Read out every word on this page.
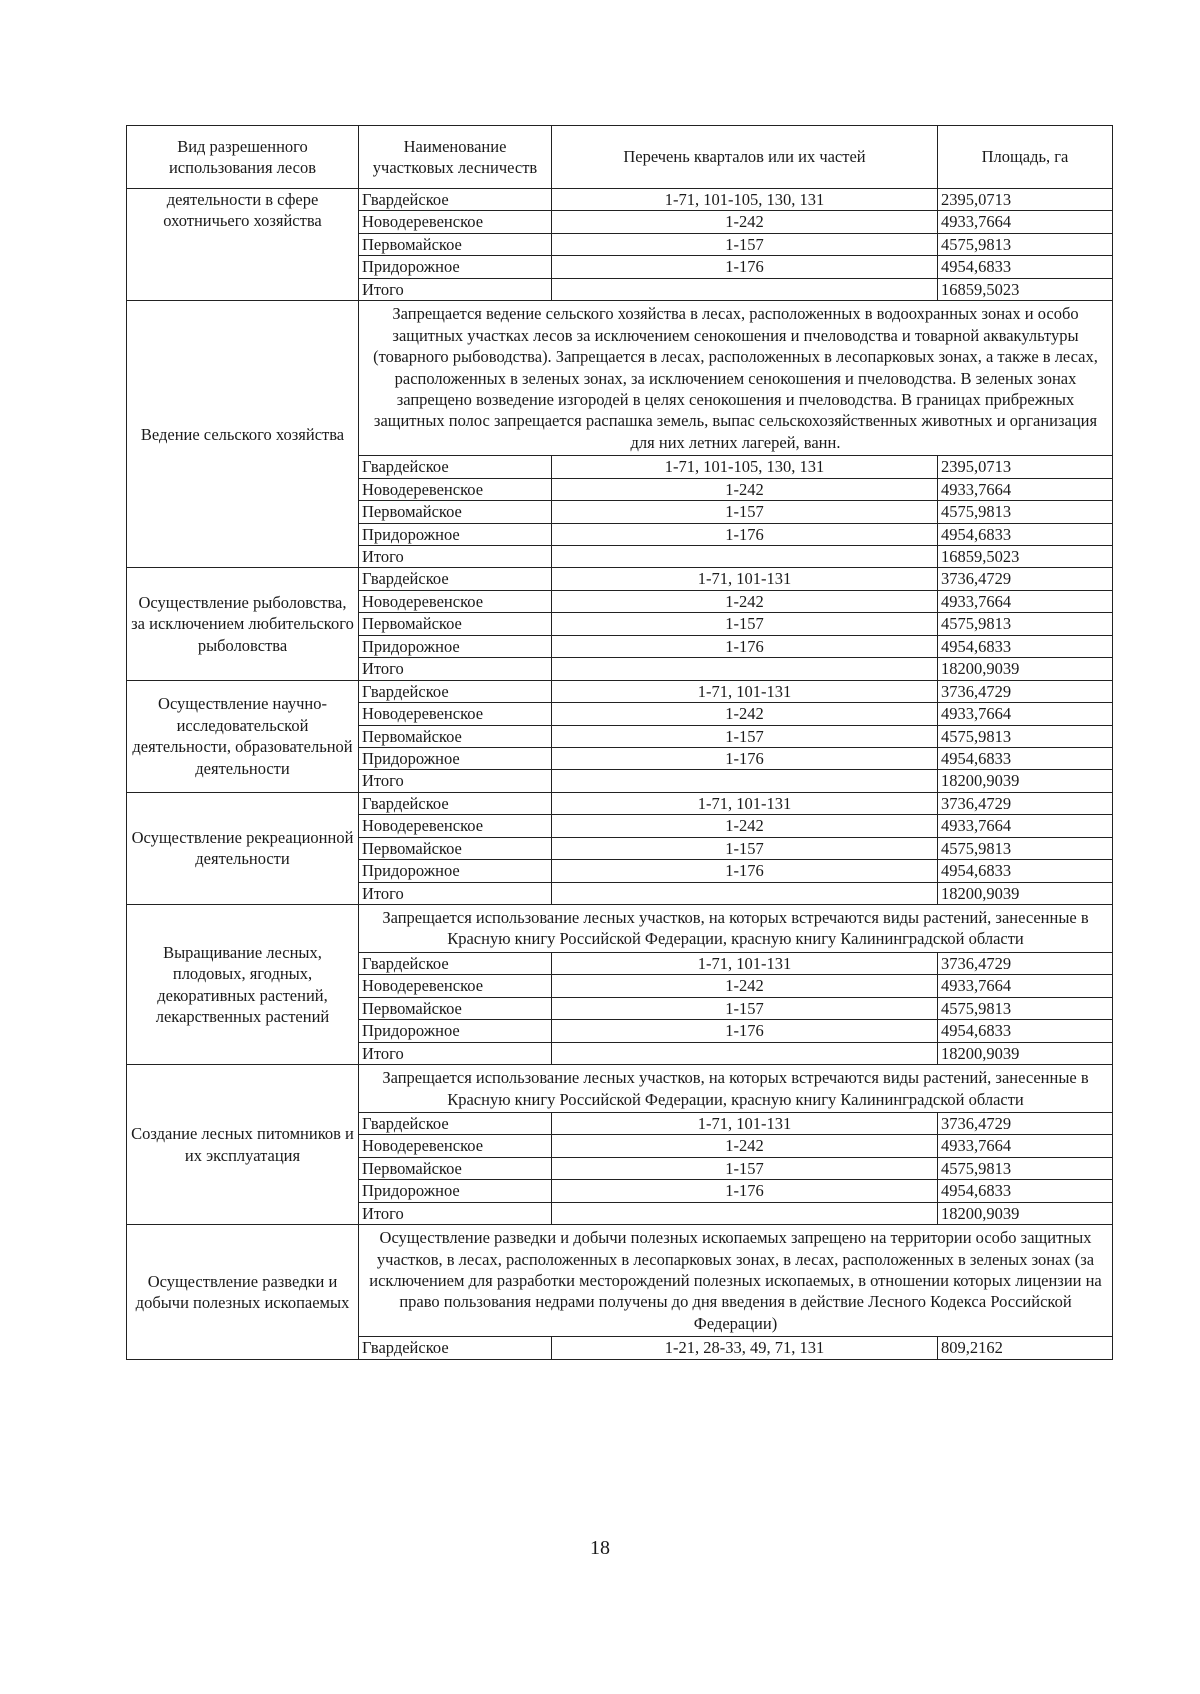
Вид разрешенного использования лесов	Наименование участковых лесничеств	Перечень кварталов или их частей	Площадь, га
деятельности в сфере охотничьего хозяйства	Гвардейское	1-71, 101-105, 130, 131	2395,0713
	Новодеревенское	1-242	4933,7664
	Первомайское	1-157	4575,9813
	Придорожное	1-176	4954,6833
	Итого		16859,5023
Ведение сельского хозяйства	Запрещается ведение сельского хозяйства в лесах, расположенных в водоохранных зонах и особо защитных участках лесов за исключением сенокошения и пчеловодства и товарной аквакультуры (товарного рыбоводства). Запрещается в лесах, расположенных в лесопарковых зонах, а также в лесах, расположенных в зеленых зонах, за исключением сенокошения и пчеловодства. В зеленых зонах запрещено возведение изгородей в целях сенокошения и пчеловодства. В границах прибрежных защитных полос запрещается распашка земель, выпас сельскохозяйственных животных и организация для них летних лагерей, ванн.		
	Гвардейское	1-71, 101-105, 130, 131	2395,0713
	Новодеревенское	1-242	4933,7664
	Первомайское	1-157	4575,9813
	Придорожное	1-176	4954,6833
	Итого		16859,5023
Осуществление рыболовства, за исключением любительского рыболовства	Гвардейское	1-71, 101-131	3736,4729
	Новодеревенское	1-242	4933,7664
	Первомайское	1-157	4575,9813
	Придорожное	1-176	4954,6833
	Итого		18200,9039
Осуществление научно-исследовательской деятельности, образовательной деятельности	Гвардейское	1-71, 101-131	3736,4729
	Новодеревенское	1-242	4933,7664
	Первомайское	1-157	4575,9813
	Придорожное	1-176	4954,6833
	Итого		18200,9039
Осуществление рекреационной деятельности	Гвардейское	1-71, 101-131	3736,4729
	Новодеревенское	1-242	4933,7664
	Первомайское	1-157	4575,9813
	Придорожное	1-176	4954,6833
	Итого		18200,9039
Выращивание лесных, плодовых, ягодных, декоративных растений, лекарственных растений	Запрещается использование лесных участков, на которых встречаются виды растений, занесенные в Красную книгу Российской Федерации, красную книгу Калининградской области		
	Гвардейское	1-71, 101-131	3736,4729
	Новодеревенское	1-242	4933,7664
	Первомайское	1-157	4575,9813
	Придорожное	1-176	4954,6833
	Итого		18200,9039
Создание лесных питомников и их эксплуатация	Запрещается использование лесных участков, на которых встречаются виды растений, занесенные в Красную книгу Российской Федерации, красную книгу Калининградской области		
	Гвардейское	1-71, 101-131	3736,4729
	Новодеревенское	1-242	4933,7664
	Первомайское	1-157	4575,9813
	Придорожное	1-176	4954,6833
	Итого		18200,9039
Осуществление разведки и добычи полезных ископаемых	Осуществление разведки и добычи полезных ископаемых запрещено на территории особо защитных участков, в лесах, расположенных в лесопарковых зонах, в лесах, расположенных в зеленых зонах (за исключением для разработки месторождений полезных ископаемых, в отношении которых лицензии на право пользования недрами получены до дня введения в действие Лесного Кодекса Российской Федерации)		
	Гвардейское	1-21, 28-33, 49, 71, 131	809,2162
18
